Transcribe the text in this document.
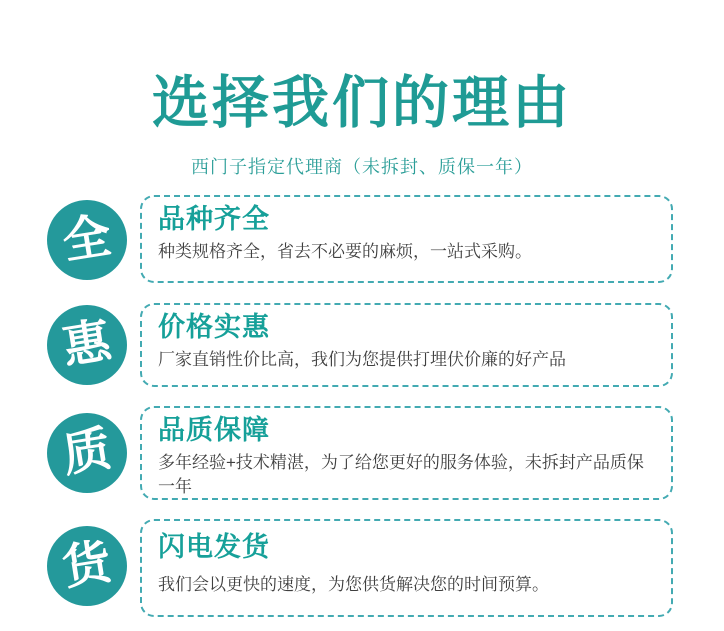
选择我们的理由
西门子指定代理商（未拆封、质保一年）
全 品种齐全
种类规格齐全，省去不必要的麻烦，一站式采购。
惠 价格实惠
厂家直销性价比高，我们为您提供打埋伏价廉的好产品
质 品质保障
多年经验+技术精湛，为了给您更好的服务体验，未拆封产品质保一年
货 闪电发货
我们会以更快的速度，为您供货解决您的时间预算。
